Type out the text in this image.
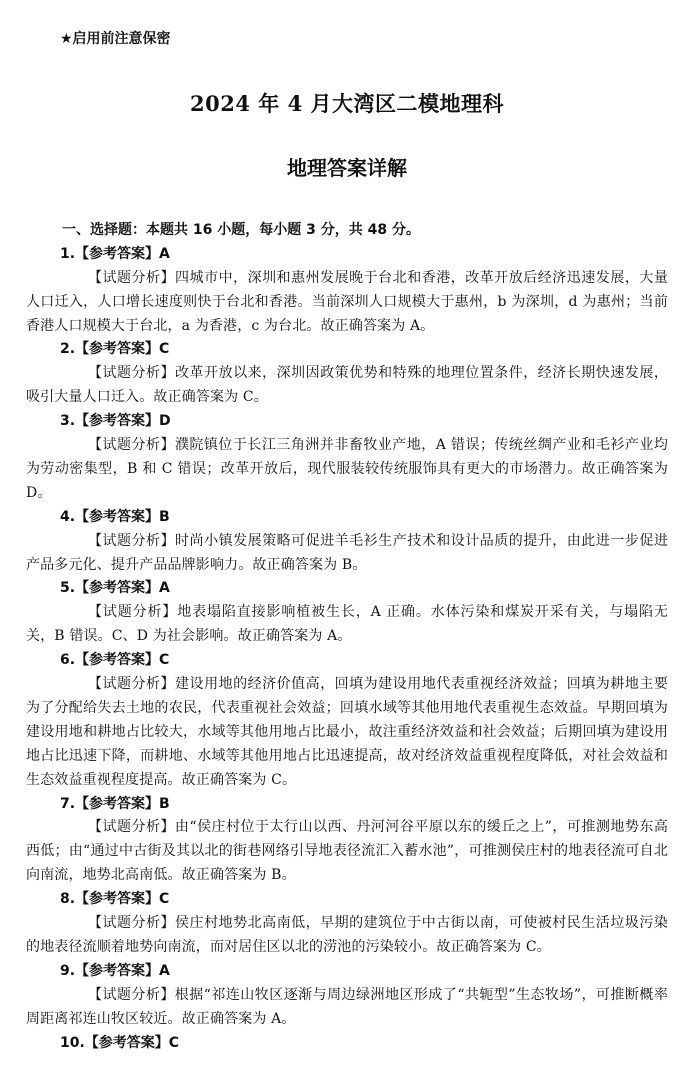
★启用前注意保密
2024 年 4 月大湾区二模地理科
地理答案详解
一、选择题：本题共 16 小题，每小题 3 分，共 48 分。
1.【参考答案】A

【试题分析】四城市中，深圳和惠州发展晚于台北和香港，改革开放后经济迅速发展，大量人口迁入，人口增长速度则快于台北和香港。当前深圳人口规模大于惠州，b 为深圳，d 为惠州；当前香港人口规模大于台北，a 为香港，c 为台北。故正确答案为 A。

2.【参考答案】C

【试题分析】改革开放以来，深圳因政策优势和特殊的地理位置条件，经济长期快速发展，吸引大量人口迁入。故正确答案为 C。

3.【参考答案】D

【试题分析】濮院镇位于长江三角洲并非畜牧业产地，A 错误；传统丝绸产业和毛衫产业均为劳动密集型，B 和 C 错误；改革开放后，现代服装较传统服饰具有更大的市场潜力。故正确答案为 D。

4.【参考答案】B

【试题分析】时尚小镇发展策略可促进羊毛衫生产技术和设计品质的提升，由此进一步促进产品多元化、提升产品品牌影响力。故正确答案为 B。

5.【参考答案】A

【试题分析】地表塌陷直接影响植被生长，A 正确。水体污染和煤炭开采有关，与塌陷无关，B 错误。C、D 为社会影响。故正确答案为 A。

6.【参考答案】C

【试题分析】建设用地的经济价值高，回填为建设用地代表重视经济效益；回填为耕地主要为了分配给失去土地的农民，代表重视社会效益；回填水域等其他用地代表重视生态效益。早期回填为建设用地和耕地占比较大，水域等其他用地占比最小，故注重经济效益和社会效益；后期回填为建设用地占比迅速下降，而耕地、水域等其他用地占比迅速提高，故对经济效益重视程度降低，对社会效益和生态效益重视程度提高。故正确答案为 C。

7.【参考答案】B

【试题分析】由“侯庄村位于太行山以西、丹河河谷平原以东的缓丘之上”，可推测地势东高西低；由“通过中古街及其以北的街巷网络引导地表径流汇入蓄水池”，可推测侯庄村的地表径流可自北向南流，地势北高南低。故正确答案为 B。

8.【参考答案】C

【试题分析】侯庄村地势北高南低，早期的建筑位于中古街以南，可使被村民生活垃圾污染的地表径流顺着地势向南流，而对居住区以北的涝池的污染较小。故正确答案为 C。

9.【参考答案】A

【试题分析】根据“祁连山牧区逐渐与周边绿洲地区形成了“共轭型”生态牧场”，可推断概率周距离祁连山牧区较近。故正确答案为 A。

10.【参考答案】C
